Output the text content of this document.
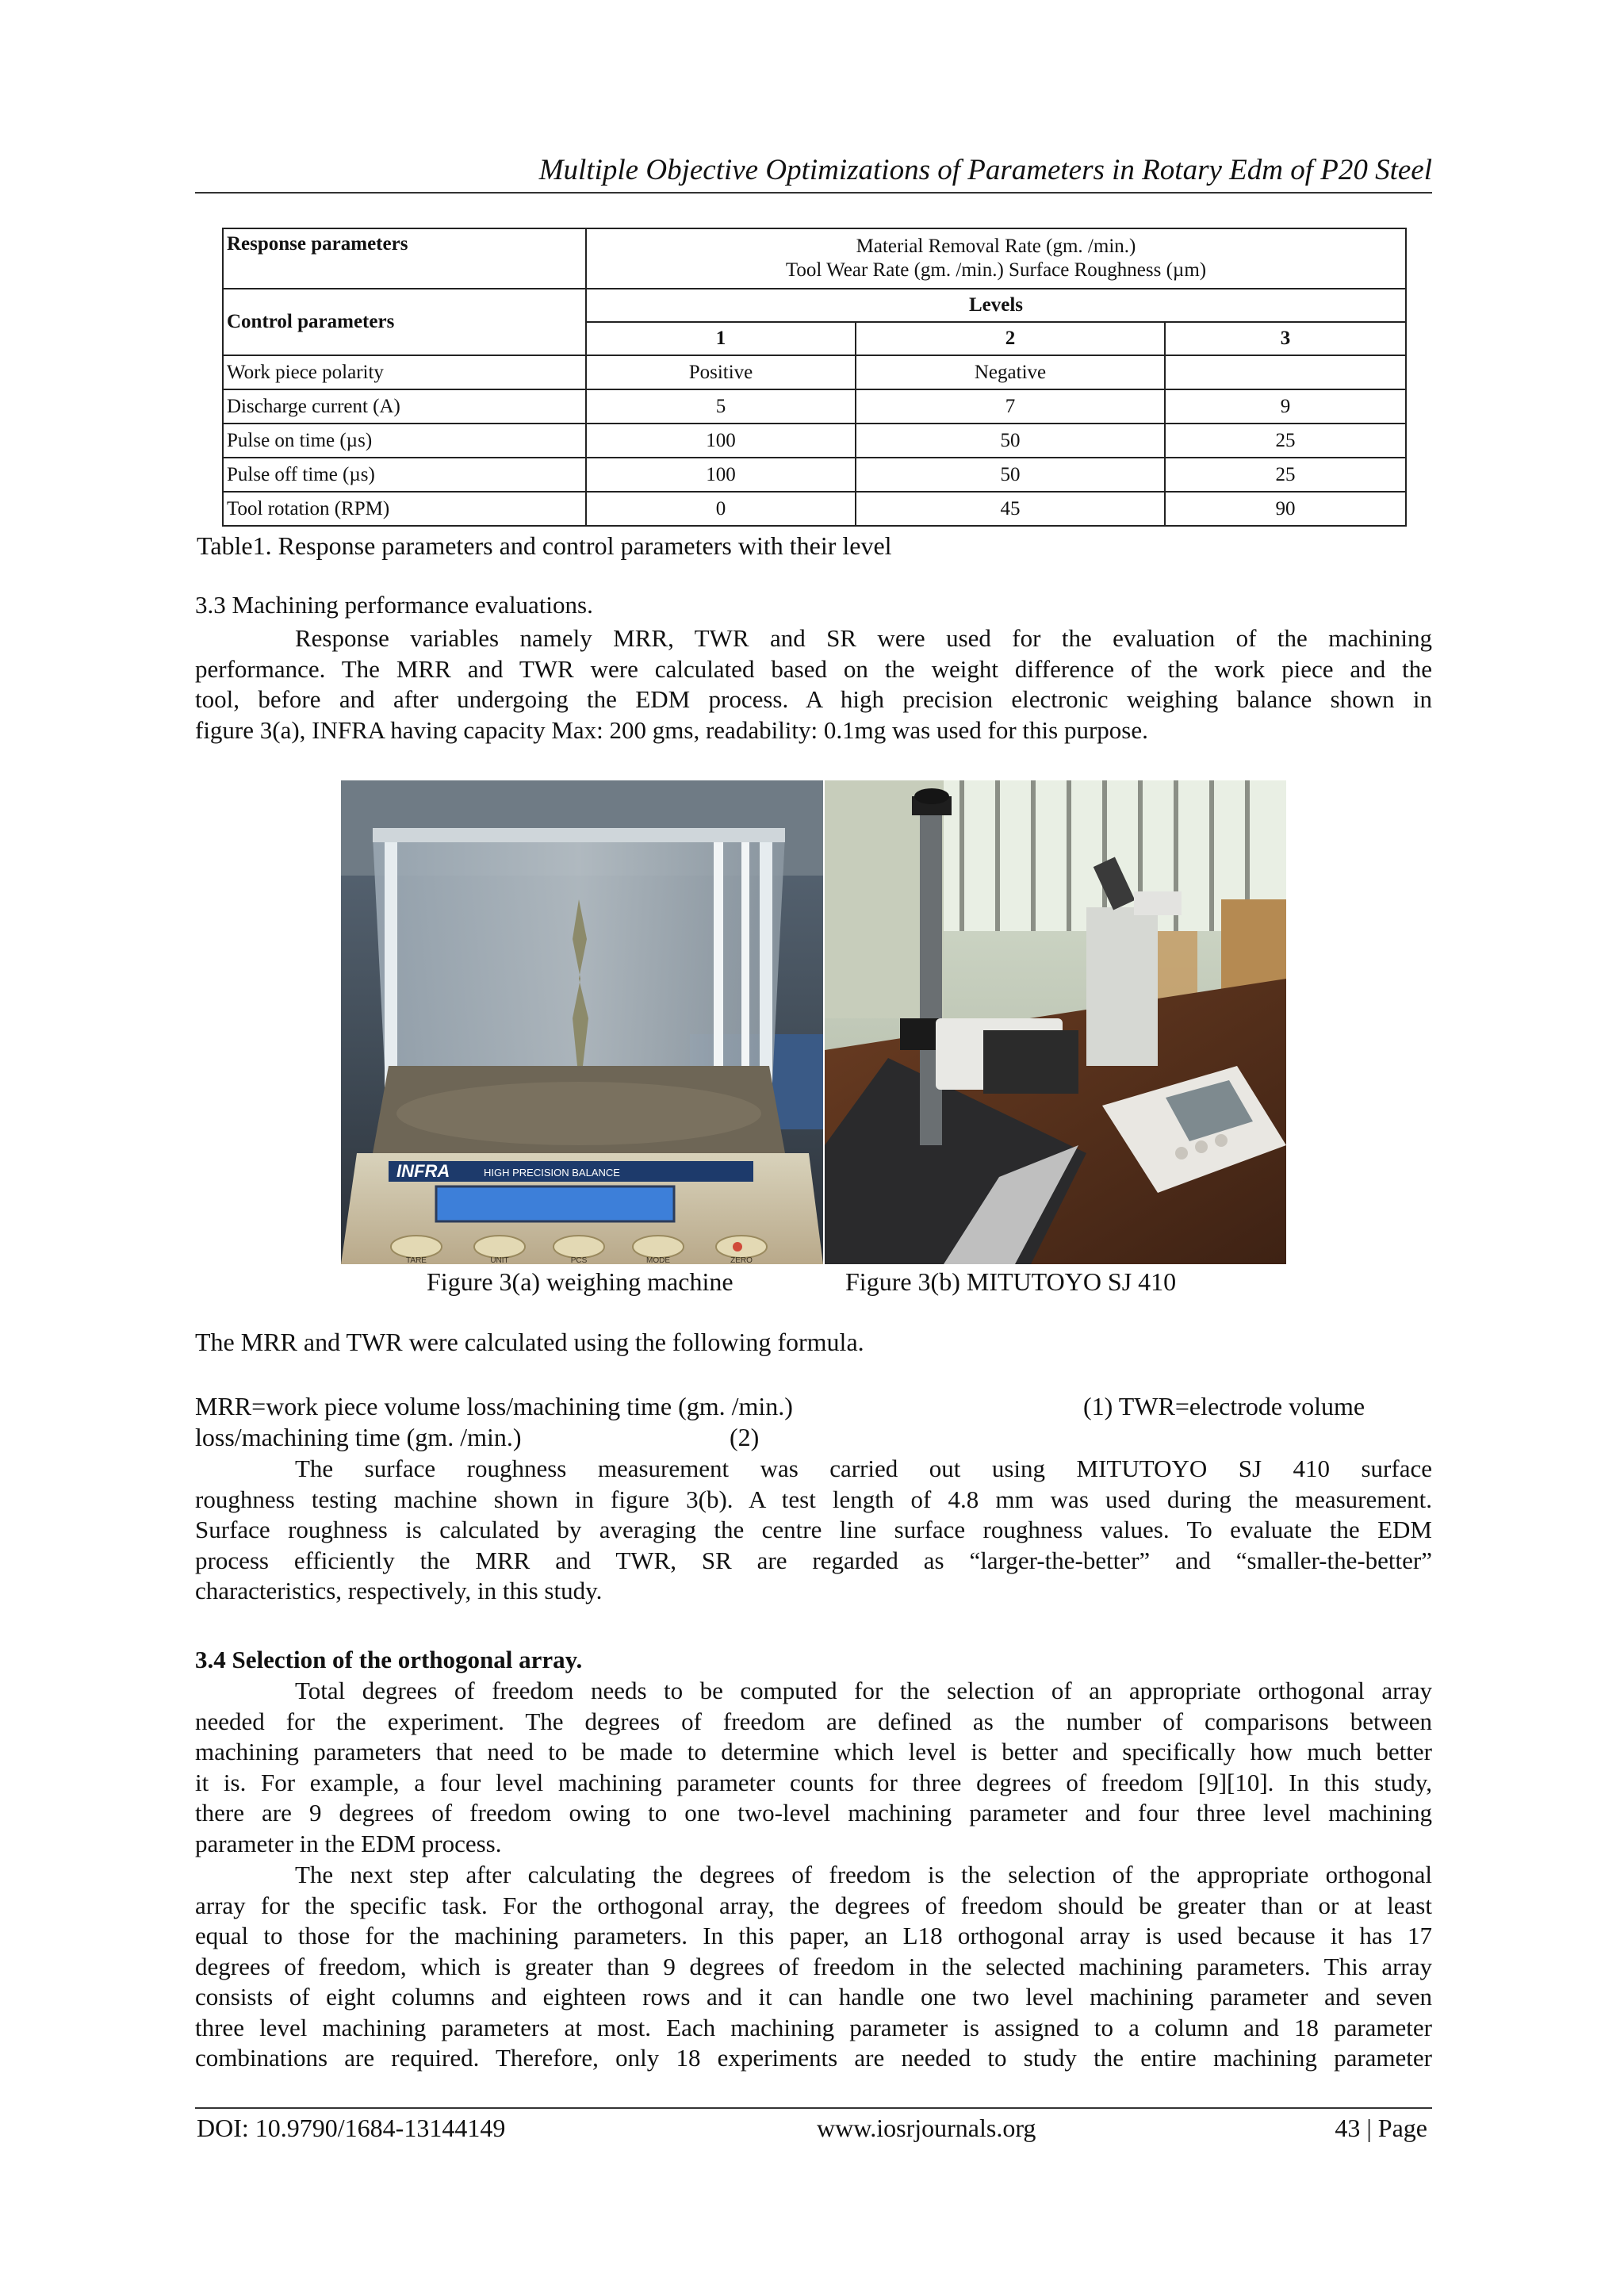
Multiple Objective Optimizations of Parameters in Rotary Edm of P20 Steel
Response parameters	Material Removal Rate (gm. /min.)
Tool Wear Rate (gm. /min.) Surface Roughness (µm)		

Control parameters	Levels		
	1	2	3
Work piece polarity	Positive	Negative	
Discharge current (A)	5	7	9
Pulse on time (µs)	100	50	25
Pulse off time (µs)	100	50	25
Tool rotation (RPM)	0	45	90
Table1. Response parameters and control parameters with their level
3.3 Machining performance evaluations.
Response variables namely MRR, TWR and SR were used for the evaluation of the machining
performance. The MRR and TWR were calculated based on the weight difference of the work piece and the
tool, before and after undergoing the EDM process. A high precision electronic weighing balance shown in
figure 3(a), INFRA having capacity Max: 200 gms, readability: 0.1mg was used for this purpose.
INFRA	HIGH PRECISION BALANCE
TARE	UNIT	PCS	MODE	ZERO
Figure 3(a) weighing machine	Figure 3(b) MITUTOYO SJ 410
The MRR and TWR were calculated using the following formula.
MRR=work piece volume loss/machining time (gm. /min.)	(1) TWR=electrode volume
loss/machining time (gm. /min.)	(2)
The surface roughness measurement was carried out using MITUTOYO SJ 410 surface
roughness testing machine shown in figure 3(b). A test length of 4.8 mm was used during the measurement.
Surface roughness is calculated by averaging the centre line surface roughness values. To evaluate the EDM
process efficiently the MRR and TWR, SR are regarded as “larger-the-better” and “smaller-the-better”
characteristics, respectively, in this study.
3.4 Selection of the orthogonal array.
Total degrees of freedom needs to be computed for the selection of an appropriate orthogonal array
needed for the experiment. The degrees of freedom are defined as the number of comparisons between
machining parameters that need to be made to determine which level is better and specifically how much better
it is. For example, a four level machining parameter counts for three degrees of freedom [9][10]. In this study,
there are 9 degrees of freedom owing to one two-level machining parameter and four three level machining
parameter in the EDM process.
The next step after calculating the degrees of freedom is the selection of the appropriate orthogonal
array for the specific task. For the orthogonal array, the degrees of freedom should be greater than or at least
equal to those for the machining parameters. In this paper, an L18 orthogonal array is used because it has 17
degrees of freedom, which is greater than 9 degrees of freedom in the selected machining parameters. This array
consists of eight columns and eighteen rows and it can handle one two level machining parameter and seven
three level machining parameters at most. Each machining parameter is assigned to a column and 18 parameter
combinations are required. Therefore, only 18 experiments are needed to study the entire machining parameter
DOI: 10.9790/1684-13144149	www.iosrjournals.org	43 | Page
